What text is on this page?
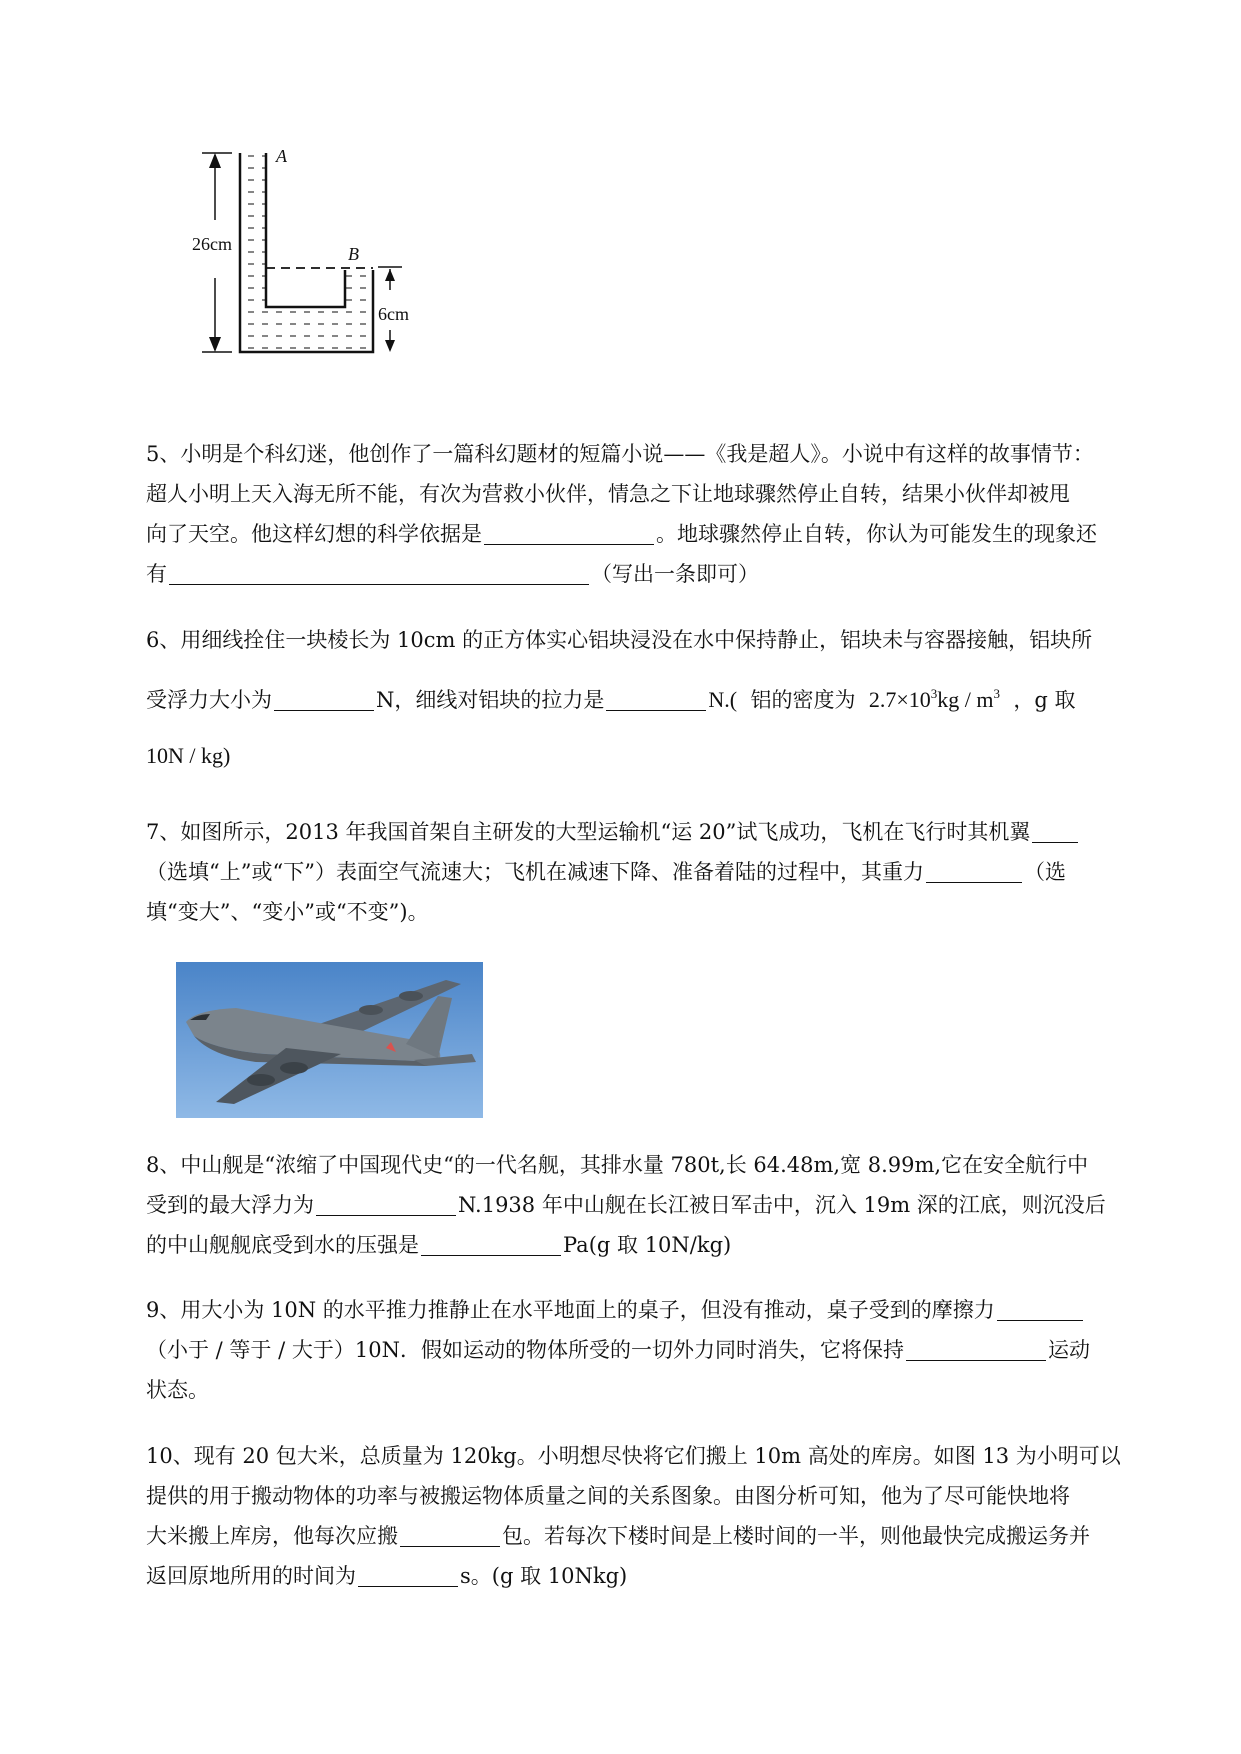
26cm
6cm
A
B

5、小明是个科幻迷，他创作了一篇科幻题材的短篇小说——《我是超人》。小说中有这样的故事情节：

超人小明上天入海无所不能，有次为营救小伙伴，情急之下让地球骤然停止自转，结果小伙伴却被甩

向了天空。他这样幻想的科学依据是	。地球骤然停止自转，你认为可能发生的现象还

有	（写出一条即可）

6、用细线拴住一块棱长为 10cm 的正方体实心铝块浸没在水中保持静止，铝块未与容器接触，铝块所

受浮力大小为	N，细线对铝块的拉力是	N.( 铝的密度为 $2.7\times 10^3kg / m^3$ ，g 取

10N / kg)

7、如图所示，2013 年我国首架自主研发的大型运输机“运 20”试飞成功，飞机在飞行时其机翼

（选填“上”或“下”）表面空气流速大；飞机在减速下降、准备着陆的过程中，其重力	（选

填“变大”、“变小”或“不变”)。

8、中山舰是“浓缩了中国现代史“的一代名舰，其排水量 780t,长 64.48m,宽 8.99m,它在安全航行中

受到的最大浮力为	N.1938 年中山舰在长江被日军击中，沉入 19m 深的江底，则沉没后

的中山舰舰底受到水的压强是	Pa(g 取 10N/kg)

9、用大小为 10N 的水平推力推静止在水平地面上的桌子，但没有推动，桌子受到的摩擦力

（小于 / 等于 / 大于）10N．假如运动的物体所受的一切外力同时消失，它将保持	运动

状态。

10、现有 20 包大米，总质量为 120kg。小明想尽快将它们搬上 10m 高处的库房。如图 13 为小明可以

提供的用于搬动物体的功率与被搬运物体质量之间的关系图象。由图分析可知，他为了尽可能快地将

大米搬上库房，他每次应搬	包。若每次下楼时间是上楼时间的一半，则他最快完成搬运务并

返回原地所用的时间为	s。(g 取 10Nkg)
